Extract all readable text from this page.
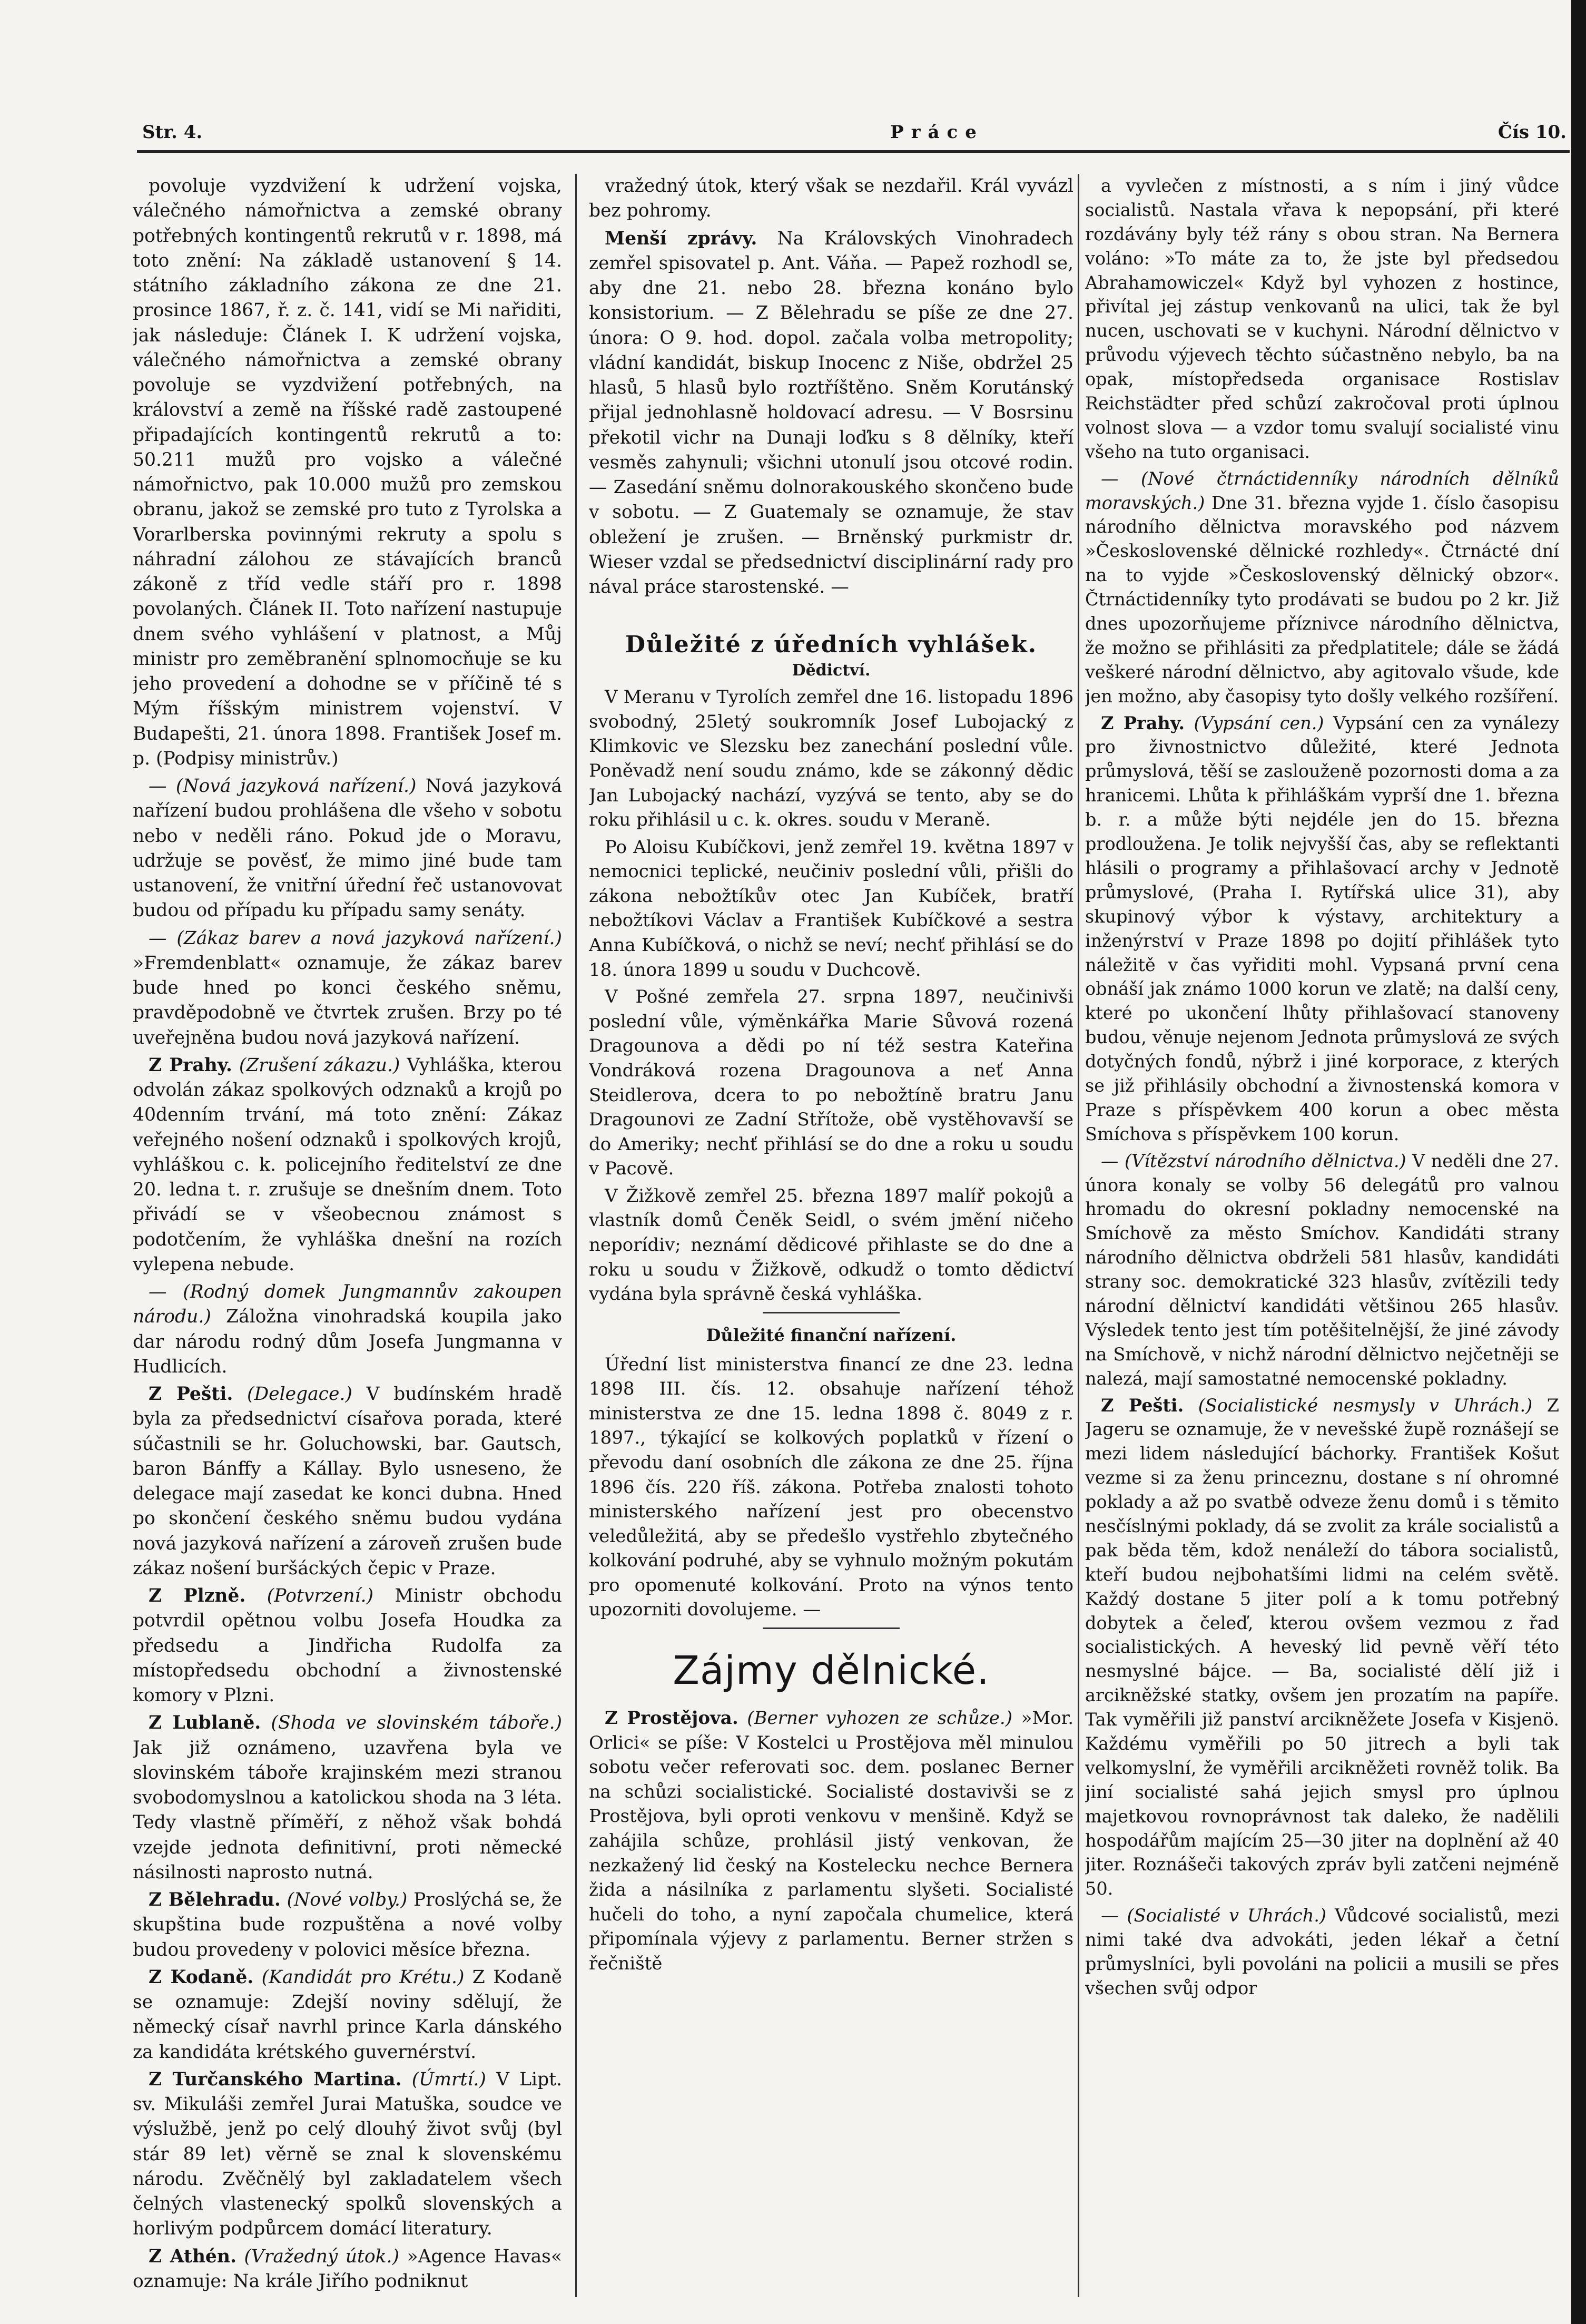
Str. 4.	Práce	Čís 10.

povoluje vyzdvižení k udržení vojska, válečného námořnictva a zemské obrany potřebných kontingentů rekrutů v r. 1898, má toto znění: Na základě ustanovení § 14. státního základního zákona ze dne 21. prosince 1867, ř. z. č. 141, vidí se Mi nařiditi, jak následuje: Článek I. K udržení vojska, válečného námořnictva a zemské obrany povoluje se vyzdvižení potřebných, na království a země na říšské radě zastoupené připadajících kontingentů rekrutů a to: 50.211 mužů pro vojsko a válečné námořnictvo, pak 10.000 mužů pro zemskou obranu, jakož se zemské pro tuto z Tyrolska a Vorarlberska povinnými rekruty a spolu s náhradní zálohou ze stávajících branců zákoně z tříd vedle stáří pro r. 1898 povolaných. Článek II. Toto nařízení nastupuje dnem svého vyhlášení v platnost, a Můj ministr pro zeměbranění splnomocňuje se ku jeho provedení a dohodne se v příčině té s Mým říšským ministrem vojenství. V Budapešti, 21. února 1898. František Josef m. p. (Podpisy ministrův.)

— (Nová jazyková nařízení.) Nová jazyková nařízení budou prohlášena dle všeho v sobotu nebo v neděli ráno. Pokud jde o Moravu, udržuje se pověsť, že mimo jiné bude tam ustanovení, že vnitřní úřední řeč ustanovovat budou od případu ku případu samy senáty.

— (Zákaz barev a nová jazyková nařízení.) »Fremdenblatt« oznamuje, že zákaz barev bude hned po konci českého sněmu, pravděpodobně ve čtvrtek zrušen. Brzy po té uveřejněna budou nová jazyková nařízení.

Z Prahy. (Zrušení zákazu.) Vyhláška, kterou odvolán zákaz spolkových odznaků a krojů po 40denním trvání, má toto znění: Zákaz veřejného nošení odznaků i spolkových krojů, vyhláškou c. k. policejního ředitelství ze dne 20. ledna t. r. zrušuje se dnešním dnem. Toto přivádí se v všeobecnou známost s podotčením, že vyhláška dnešní na rozích vylepena nebude.

— (Rodný domek Jungmannův zakoupen národu.) Záložna vinohradská koupila jako dar národu rodný dům Josefa Jungmanna v Hudlicích.

Z Pešti. (Delegace.) V budínském hradě byla za předsednictví císařova porada, které súčastnili se hr. Goluchowski, bar. Gautsch, baron Bánffy a Kállay. Bylo usneseno, že delegace mají zasedat ke konci dubna. Hned po skončení českého sněmu budou vydána nová jazyková nařízení a zároveň zrušen bude zákaz nošení buršáckých čepic v Praze.

Z Plzně. (Potvrzení.) Ministr obchodu potvrdil opětnou volbu Josefa Houdka za předsedu a Jindřicha Rudolfa za místopředsedu obchodní a živnostenské komory v Plzni.

Z Lublaně. (Shoda ve slovinském táboře.) Jak již oznámeno, uzavřena byla ve slovinském táboře krajinském mezi stranou svobodomyslnou a katolickou shoda na 3 léta. Tedy vlastně příměří, z něhož však bohdá vzejde jednota definitivní, proti německé násilnosti naprosto nutná.

Z Bělehradu. (Nové volby.) Proslýchá se, že skupština bude rozpuštěna a nové volby budou provedeny v polovici měsíce března.

Z Kodaně. (Kandidát pro Krétu.) Z Kodaně se oznamuje: Zdejší noviny sdělují, že německý císař navrhl prince Karla dánského za kandidáta krétského guvernérství.

Z Turčanského Martina. (Úmrtí.) V Lipt. sv. Mikuláši zemřel Jurai Matuška, soudce ve výslužbě, jenž po celý dlouhý život svůj (byl stár 89 let) věrně se znal k slovenskému národu. Zvěčnělý byl zakladatelem všech čelných vlastenecký spolků slovenských a horlivým podpůrcem domácí literatury.

Z Athén. (Vražedný útok.) »Agence Havas« oznamuje: Na krále Jiřího podniknut

vražedný útok, který však se nezdařil. Král vyvázl bez pohromy.

Menší zprávy. Na Královských Vinohradech zemřel spisovatel p. Ant. Váňa. — Papež rozhodl se, aby dne 21. nebo 28. března konáno bylo konsistorium. — Z Bělehradu se píše ze dne 27. února: O 9. hod. dopol. začala volba metropolity; vládní kandidát, biskup Inocenc z Niše, obdržel 25 hlasů, 5 hlasů bylo roztříštěno. Sněm Korutánský přijal jednohlasně holdovací adresu. — V Bosrsinu překotil vichr na Dunaji loďku s 8 dělníky, kteří vesměs zahynuli; všichni utonulí jsou otcové rodin. — Zasedání sněmu dolnorakouského skončeno bude v sobotu. — Z Guatemaly se oznamuje, že stav obležení je zrušen. — Brněnský purkmistr dr. Wieser vzdal se předsednictví disciplinární rady pro nával práce starostenské. —

Důležité z úředních vyhlášek.
Dědictví.

V Meranu v Tyrolích zemřel dne 16. listopadu 1896 svobodný, 25letý soukromník Josef Lubojacký z Klimkovic ve Slezsku bez zanechání poslední vůle. Poněvadž není soudu známo, kde se zákonný dědic Jan Lubojacký nachází, vyzývá se tento, aby se do roku přihlásil u c. k. okres. soudu v Meraně.

Po Aloisu Kubíčkovi, jenž zemřel 19. května 1897 v nemocnici teplické, neučiniv poslední vůli, přišli do zákona nebožtíkův otec Jan Kubíček, bratří nebožtíkovi Václav a František Kubíčkové a sestra Anna Kubíčková, o nichž se neví; nechť přihlásí se do 18. února 1899 u soudu v Duchcově.

V Pošné zemřela 27. srpna 1897, neučinivši poslední vůle, výměnkářka Marie Sůvová rozená Dragounova a dědi po ní též sestra Kateřina Vondráková rozena Dragounova a neť Anna Steidlerova, dcera to po nebožtíně bratru Janu Dragounovi ze Zadní Střítože, obě vystěhovavší se do Ameriky; nechť přihlásí se do dne a roku u soudu v Pacově.

V Žižkově zemřel 25. března 1897 malíř pokojů a vlastník domů Čeněk Seidl, o svém jmění ničeho neporídiv; neznámí dědicové přihlaste se do dne a roku u soudu v Žižkově, odkudž o tomto dědictví vydána byla správně česká vyhláška.

Důležité finanční nařízení.

Úřední list ministerstva financí ze dne 23. ledna 1898 III. čís. 12. obsahuje nařízení téhož ministerstva ze dne 15. ledna 1898 č. 8049 z r. 1897., týkající se kolkových poplatků v řízení o převodu daní osobních dle zákona ze dne 25. října 1896 čís. 220 říš. zákona. Potřeba znalosti tohoto ministerského nařízení jest pro obecenstvo veledůležitá, aby se předešlo vystřehlo zbytečného kolkování podruhé, aby se vyhnulo možným pokutám pro opomenuté kolkování. Proto na výnos tento upozorniti dovolujeme. —

Zájmy dělnické.

Z Prostějova. (Berner vyhozen ze schůze.) »Mor. Orlici« se píše: V Kostelci u Prostějova měl minulou sobotu večer referovati soc. dem. poslanec Berner na schůzi socialistické. Socialisté dostavivši se z Prostějova, byli oproti venkovu v menšině. Když se zahájila schůze, prohlásil jistý venkovan, že nezkažený lid český na Kostelecku nechce Bernera žida a násilníka z parlamentu slyšeti. Socialisté hučeli do toho, a nyní započala chumelice, která připomínala výjevy z parlamentu. Berner stržen s řečniště

a vyvlečen z místnosti, a s ním i jiný vůdce socialistů. Nastala vřava k nepopsání, při které rozdávány byly též rány s obou stran. Na Bernera voláno: »To máte za to, že jste byl předsedou Abrahamowiczel« Když byl vyhozen z hostince, přivítal jej zástup venkovanů na ulici, tak že byl nucen, uschovati se v kuchyni. Národní dělnictvo v průvodu výjevech těchto súčastněno nebylo, ba na opak, místopředseda organisace Rostislav Reichstädter před schůzí zakročoval proti úplnou volnost slova — a vzdor tomu svalují socialisté vinu všeho na tuto organisaci.

— (Nové čtrnáctidenníky národních dělníků moravských.) Dne 31. března vyjde 1. číslo časopisu národního dělnictva moravského pod názvem »Československé dělnické rozhledy«. Čtrnácté dní na to vyjde »Československý dělnický obzor«. Čtrnáctidenníky tyto prodávati se budou po 2 kr. Již dnes upozorňujeme příznivce národního dělnictva, že možno se přihlásiti za předplatitele; dále se žádá veškeré národní dělnictvo, aby agitovalo všude, kde jen možno, aby časopisy tyto došly velkého rozšíření.

Z Prahy. (Vypsání cen.) Vypsání cen za vynálezy pro živnostnictvo důležité, které Jednota průmyslová, těší se zaslouženě pozornosti doma a za hranicemi. Lhůta k přihláškám vyprší dne 1. března b. r. a může býti nejdéle jen do 15. března prodloužena. Je tolik nejvyšší čas, aby se reflektanti hlásili o programy a přihlašovací archy v Jednotě průmyslové, (Praha I. Rytířská ulice 31), aby skupinový výbor k výstavy, architektury a inženýrství v Praze 1898 po dojití přihlášek tyto náležitě v čas vyřiditi mohl. Vypsaná první cena obnáší jak známo 1000 korun ve zlatě; na další ceny, které po ukončení lhůty přihlašovací stanoveny budou, věnuje nejenom Jednota průmyslová ze svých dotyčných fondů, nýbrž i jiné korporace, z kterých se již přihlásily obchodní a živnostenská komora v Praze s příspěvkem 400 korun a obec města Smíchova s příspěvkem 100 korun.

— (Vítězství národního dělnictva.) V neděli dne 27. února konaly se volby 56 delegátů pro valnou hromadu do okresní pokladny nemocenské na Smíchově za město Smíchov. Kandidáti strany národního dělnictva obdrželi 581 hlasův, kandidáti strany soc. demokratické 323 hlasův, zvítězili tedy národní dělnictví kandidáti většinou 265 hlasův. Výsledek tento jest tím potěšitelnější, že jiné závody na Smíchově, v nichž národní dělnictvo nejčetněji se nalezá, mají samostatné nemocenské pokladny.

Z Pešti. (Socialistické nesmysly v Uhrách.) Z Jageru se oznamuje, že v nevešské župě roznášejí se mezi lidem následující báchorky. František Košut vezme si za ženu princeznu, dostane s ní ohromné poklady a až po svatbě odveze ženu domů i s těmito nesčíslnými poklady, dá se zvolit za krále socialistů a pak běda těm, kdož nenáleží do tábora socialistů, kteří budou nejbohatšími lidmi na celém světě. Každý dostane 5 jiter polí a k tomu potřebný dobytek a čeleď, kterou ovšem vezmou z řad socialistických. A heveský lid pevně věří této nesmyslné bájce. — Ba, socialisté dělí již i arcikněžské statky, ovšem jen prozatím na papíře. Tak vyměřili již panství arcikněžete Josefa v Kisjenö. Každému vyměřili po 50 jitrech a byli tak velkomyslní, že vyměřili arcikněžeti rovněž tolik. Ba jiní socialisté sahá jejich smysl pro úplnou majetkovou rovnoprávnost tak daleko, že nadělili hospodářům majícím 25—30 jiter na doplnění až 40 jiter. Roznášeči takových zpráv byli zatčeni nejméně 50.

— (Socialisté v Uhrách.) Vůdcové socialistů, mezi nimi také dva advokáti, jeden lékař a četní průmyslníci, byli povoláni na policii a musili se přes všechen svůj odpor
